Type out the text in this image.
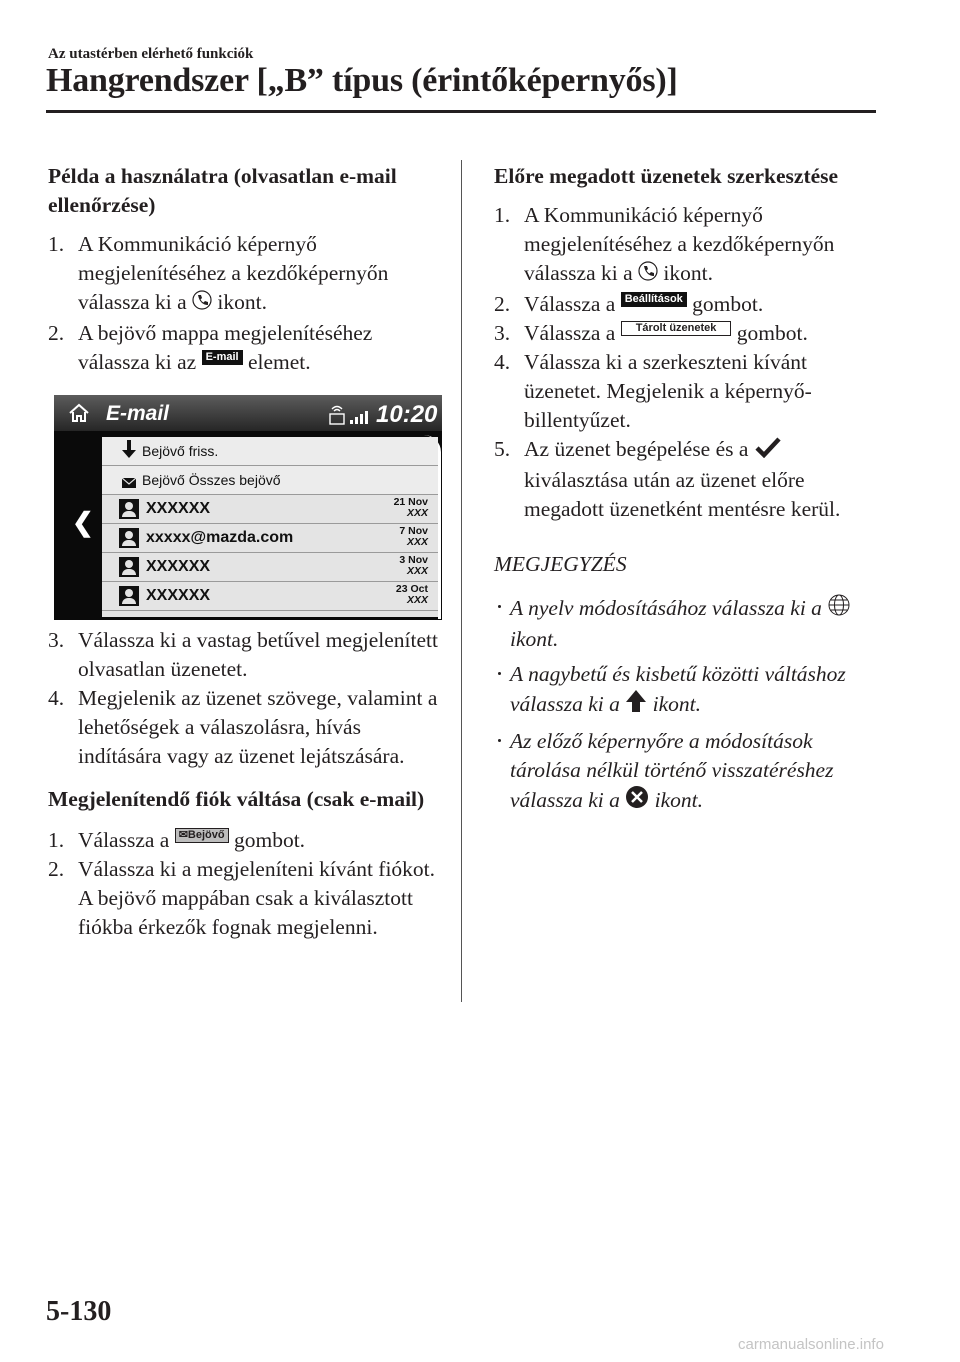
Az utastérben elérhető funkciók
Hangrendszer [„B” típus (érintőképernyős)]

Példa a használatra (olvasatlan e-mail ellenőrzése)

1. A Kommunikáció képernyő megjelenítéséhez a kezdőképernyőn válassza ki a ikont.
2. A bejövő mappa megjelenítéséhez válassza ki az E-mail elemet.
E-mail	10:20
❮
Bejövő friss.
Bejövő Összes bejövő
XXXXXX	21 Nov
XXX
xxxxx@mazda.com	7 Nov
XXX
XXXXXX	3 Nov
XXX
XXXXXX	23 Oct
XXX
3. Válassza ki a vastag betűvel megjelenített olvasatlan üzenetet.
4. Megjelenik az üzenet szövege, valamint a lehetőségek a válaszolásra, hívás indítására vagy az üzenet lejátszására.

Megjelenítendő fiók váltása (csak e-mail)

1. Válassza a ✉Bejövő gombot.
2. Válassza ki a megjeleníteni kívánt fiókot. A bejövő mappában csak a kiválasztott fiókba érkezők fognak megjelenni.

Előre megadott üzenetek szerkesztése

1. A Kommunikáció képernyő megjelenítéséhez a kezdőképernyőn válassza ki a ikont.
2. Válassza a Beállítások gombot.
3. Válassza a Tárolt üzenetek gombot.
4. Válassza ki a szerkeszteni kívánt üzenetet. Megjelenik a képernyő-billentyűzet.
5. Az üzenet begépelése és a  kiválasztása után az üzenet előre megadott üzenetként mentésre kerül.

MEGJEGYZÉS

A nyelv módosításához válassza ki a  ikont.
A nagybetű és kisbetű közötti váltáshoz válassza ki a ikont.
Az előző képernyőre a módosítások tárolása nélkül történő visszatéréshez válassza ki a ikont.
5-130
carmanualsonline.info
